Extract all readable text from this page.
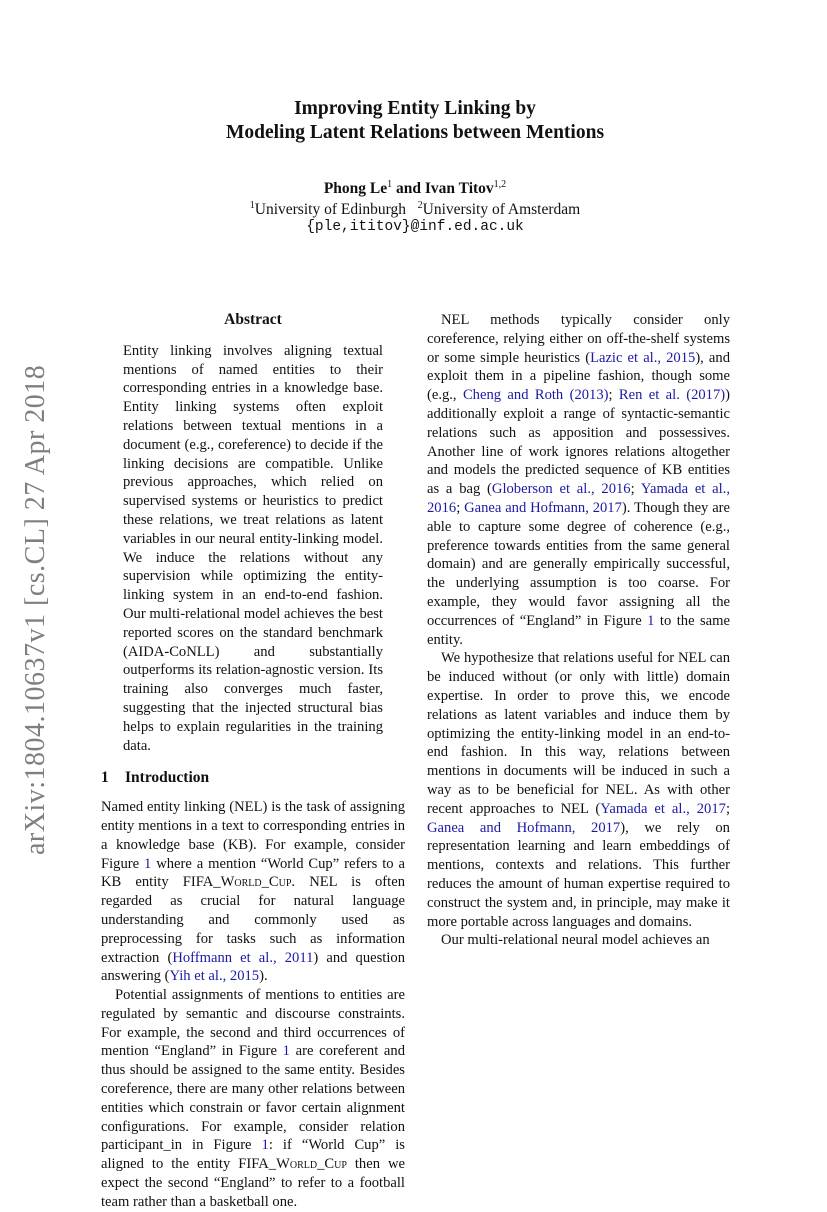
arXiv:1804.10637v1 [cs.CL] 27 Apr 2018
Improving Entity Linking by
Modeling Latent Relations between Mentions
Phong Le$^1$ and Ivan Titov$^{1,2}$
$^1$University of Edinburgh $^2$University of Amsterdam
{ple,ititov}@inf.ed.ac.uk
Abstract

Entity linking involves aligning textual mentions of named entities to their corresponding entries in a knowledge base. Entity linking systems often exploit relations between textual mentions in a document (e.g., coreference) to decide if the linking decisions are compatible. Unlike previous approaches, which relied on supervised systems or heuristics to predict these relations, we treat relations as latent variables in our neural entity-linking model. We induce the relations without any supervision while optimizing the entity-linking system in an end-to-end fashion. Our multi-relational model achieves the best reported scores on the standard benchmark (AIDA-CoNLL) and substantially outperforms its relation-agnostic version. Its training also converges much faster, suggesting that the injected structural bias helps to explain regularities in the training data.

1 Introduction

Named entity linking (NEL) is the task of assigning entity mentions in a text to corresponding entries in a knowledge base (KB). For example, consider Figure 1 where a mention “World Cup” refers to a KB entity FIFA_World_Cup. NEL is often regarded as crucial for natural language understanding and commonly used as preprocessing for tasks such as information extraction (Hoffmann et al., 2011) and question answering (Yih et al., 2015).

Potential assignments of mentions to entities are regulated by semantic and discourse constraints. For example, the second and third occurrences of mention “England” in Figure 1 are coreferent and thus should be assigned to the same entity. Besides coreference, there are many other relations between entities which constrain or favor certain alignment configurations. For example, consider relation participant_in in Figure 1: if “World Cup” is aligned to the entity FIFA_World_Cup then we expect the second “England” to refer to a football team rather than a basketball one.

NEL methods typically consider only coreference, relying either on off-the-shelf systems or some simple heuristics (Lazic et al., 2015), and exploit them in a pipeline fashion, though some (e.g., Cheng and Roth (2013); Ren et al. (2017)) additionally exploit a range of syntactic-semantic relations such as apposition and possessives. Another line of work ignores relations altogether and models the predicted sequence of KB entities as a bag (Globerson et al., 2016; Yamada et al., 2016; Ganea and Hofmann, 2017). Though they are able to capture some degree of coherence (e.g., preference towards entities from the same general domain) and are generally empirically successful, the underlying assumption is too coarse. For example, they would favor assigning all the occurrences of “England” in Figure 1 to the same entity.

We hypothesize that relations useful for NEL can be induced without (or only with little) domain expertise. In order to prove this, we encode relations as latent variables and induce them by optimizing the entity-linking model in an end-to-end fashion. In this way, relations between mentions in documents will be induced in such a way as to be beneficial for NEL. As with other recent approaches to NEL (Yamada et al., 2017; Ganea and Hofmann, 2017), we rely on representation learning and learn embeddings of mentions, contexts and relations. This further reduces the amount of human expertise required to construct the system and, in principle, may make it more portable across languages and domains.

Our multi-relational neural model achieves an
